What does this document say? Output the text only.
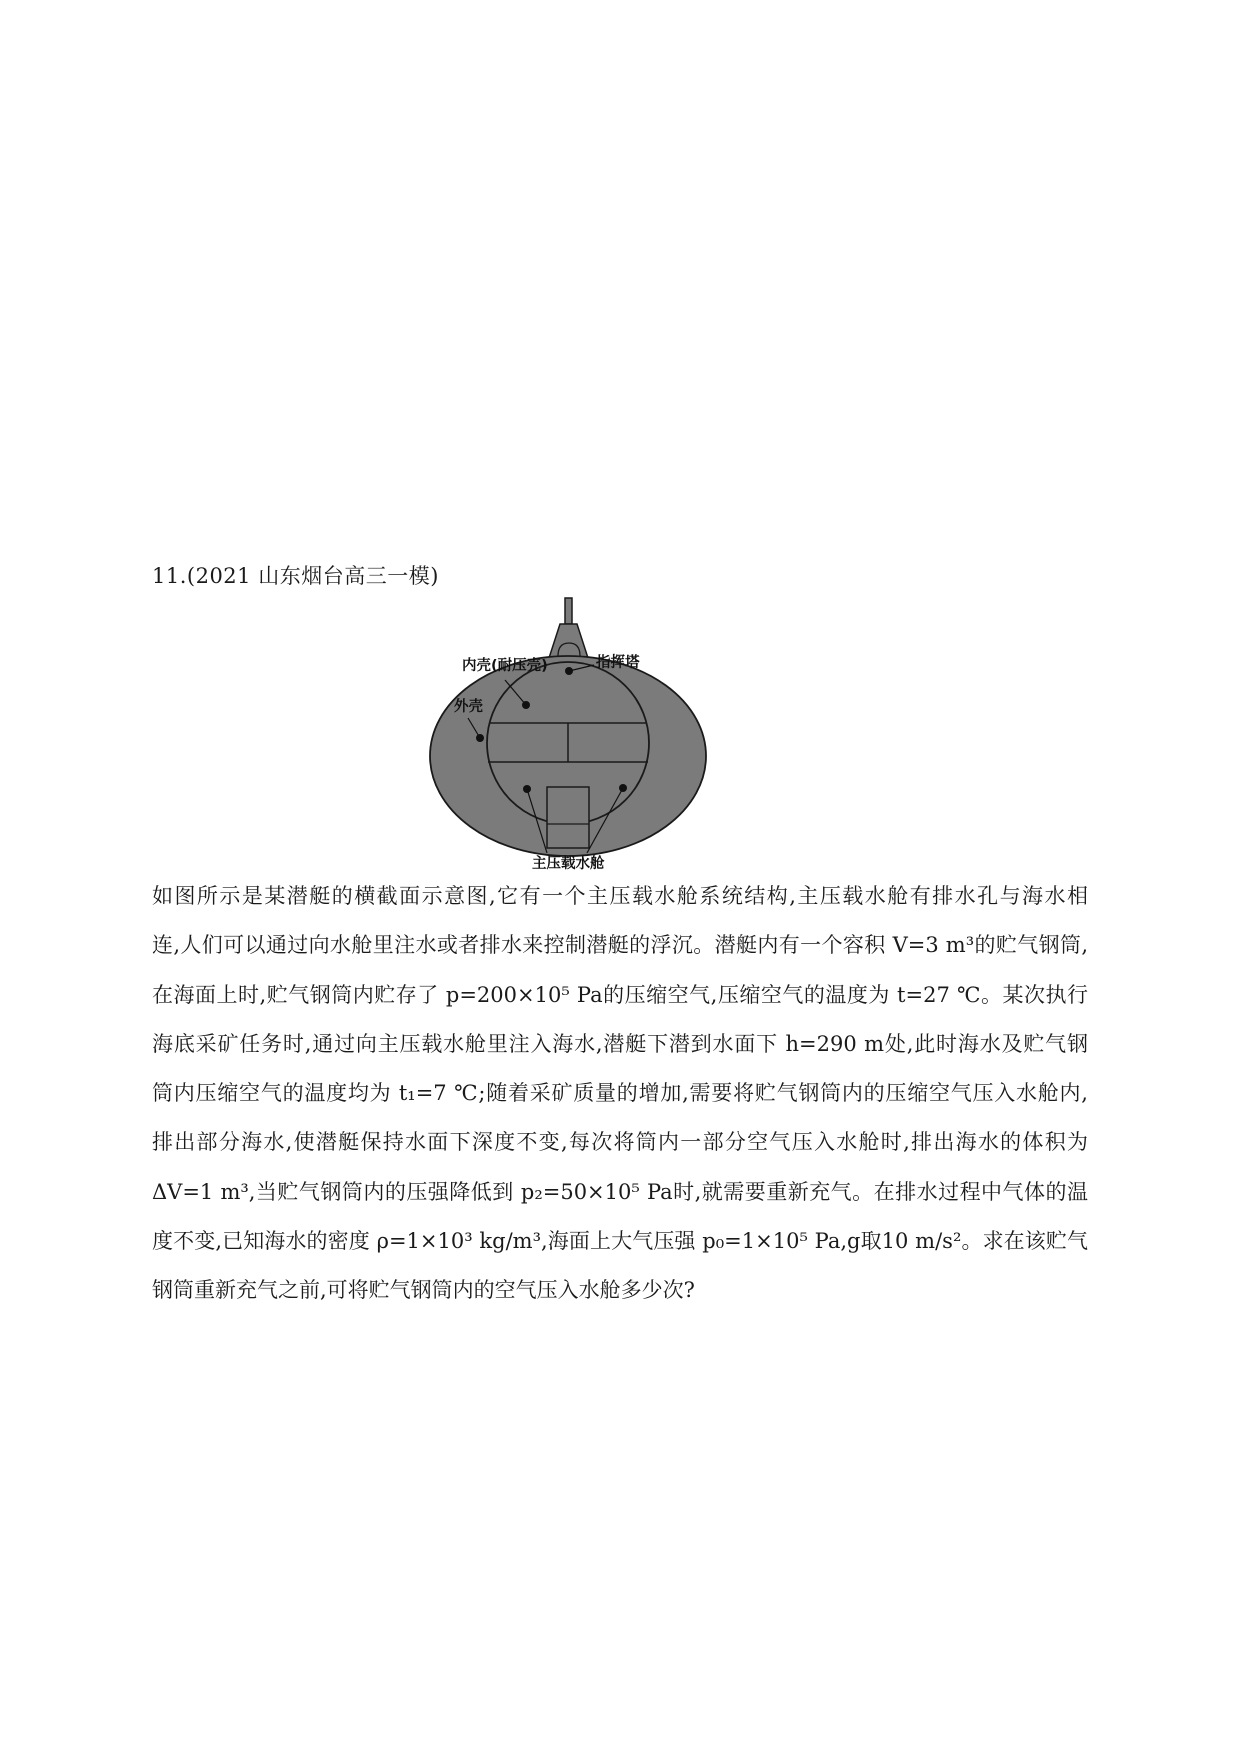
11.(2021 山东烟台高三一模)
指挥塔
内壳(耐压壳)
外壳
主压载水舱
如图所示是某潜艇的横截面示意图,它有一个主压载水舱系统结构,主压载水舱有排水孔与海水相
连,人们可以通过向水舱里注水或者排水来控制潜艇的浮沉。潜艇内有一个容积 V=3 m³的贮气钢筒,
在海面上时,贮气钢筒内贮存了 p=200×10⁵ Pa的压缩空气,压缩空气的温度为 t=27 ℃。某次执行
海底采矿任务时,通过向主压载水舱里注入海水,潜艇下潜到水面下 h=290 m处,此时海水及贮气钢
筒内压缩空气的温度均为 t₁=7 ℃;随着采矿质量的增加,需要将贮气钢筒内的压缩空气压入水舱内,
排出部分海水,使潜艇保持水面下深度不变,每次将筒内一部分空气压入水舱时,排出海水的体积为
ΔV=1 m³,当贮气钢筒内的压强降低到 p₂=50×10⁵ Pa时,就需要重新充气。在排水过程中气体的温
度不变,已知海水的密度 ρ=1×10³ kg/m³,海面上大气压强 p₀=1×10⁵ Pa,g取10 m/s²。求在该贮气
钢筒重新充气之前,可将贮气钢筒内的空气压入水舱多少次?
